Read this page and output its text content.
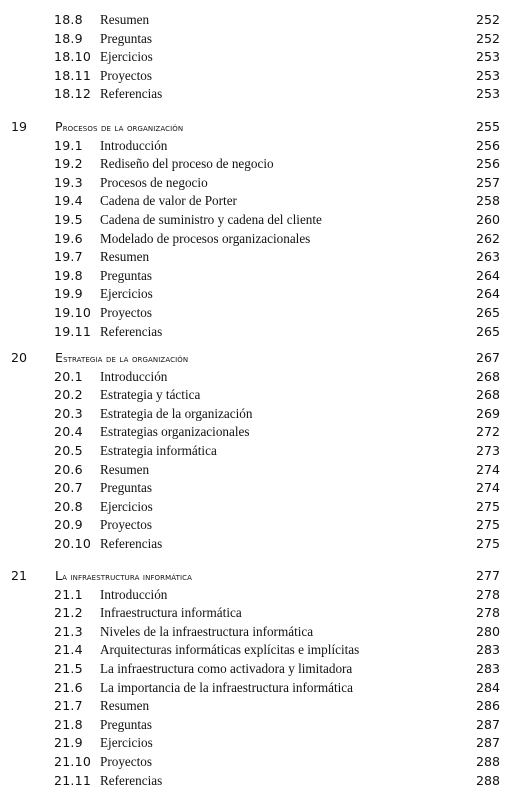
18.8 Resumen	252
18.9 Preguntas	252
18.10 Ejercicios	253
18.11 Proyectos	253
18.12 Referencias	253
19	Procesos de la organización	255
19.1 Introducción	256
19.2 Rediseño del proceso de negocio	256
19.3 Procesos de negocio	257
19.4 Cadena de valor de Porter	258
19.5 Cadena de suministro y cadena del cliente	260
19.6 Modelado de procesos organizacionales	262
19.7 Resumen	263
19.8 Preguntas	264
19.9 Ejercicios	264
19.10 Proyectos	265
19.11 Referencias	265
20	Estrategia de la organización	267
20.1 Introducción	268
20.2 Estrategia y táctica	268
20.3 Estrategia de la organización	269
20.4 Estrategias organizacionales	272
20.5 Estrategia informática	273
20.6 Resumen	274
20.7 Preguntas	274
20.8 Ejercicios	275
20.9 Proyectos	275
20.10 Referencias	275
21	La infraestructura informática	277
21.1 Introducción	278
21.2 Infraestructura informática	278
21.3 Niveles de la infraestructura informática	280
21.4 Arquitecturas informáticas explícitas e implícitas	283
21.5 La infraestructura como activadora y limitadora	283
21.6 La importancia de la infraestructura informática	284
21.7 Resumen	286
21.8 Preguntas	287
21.9 Ejercicios	287
21.10 Proyectos	288
21.11 Referencias	288
